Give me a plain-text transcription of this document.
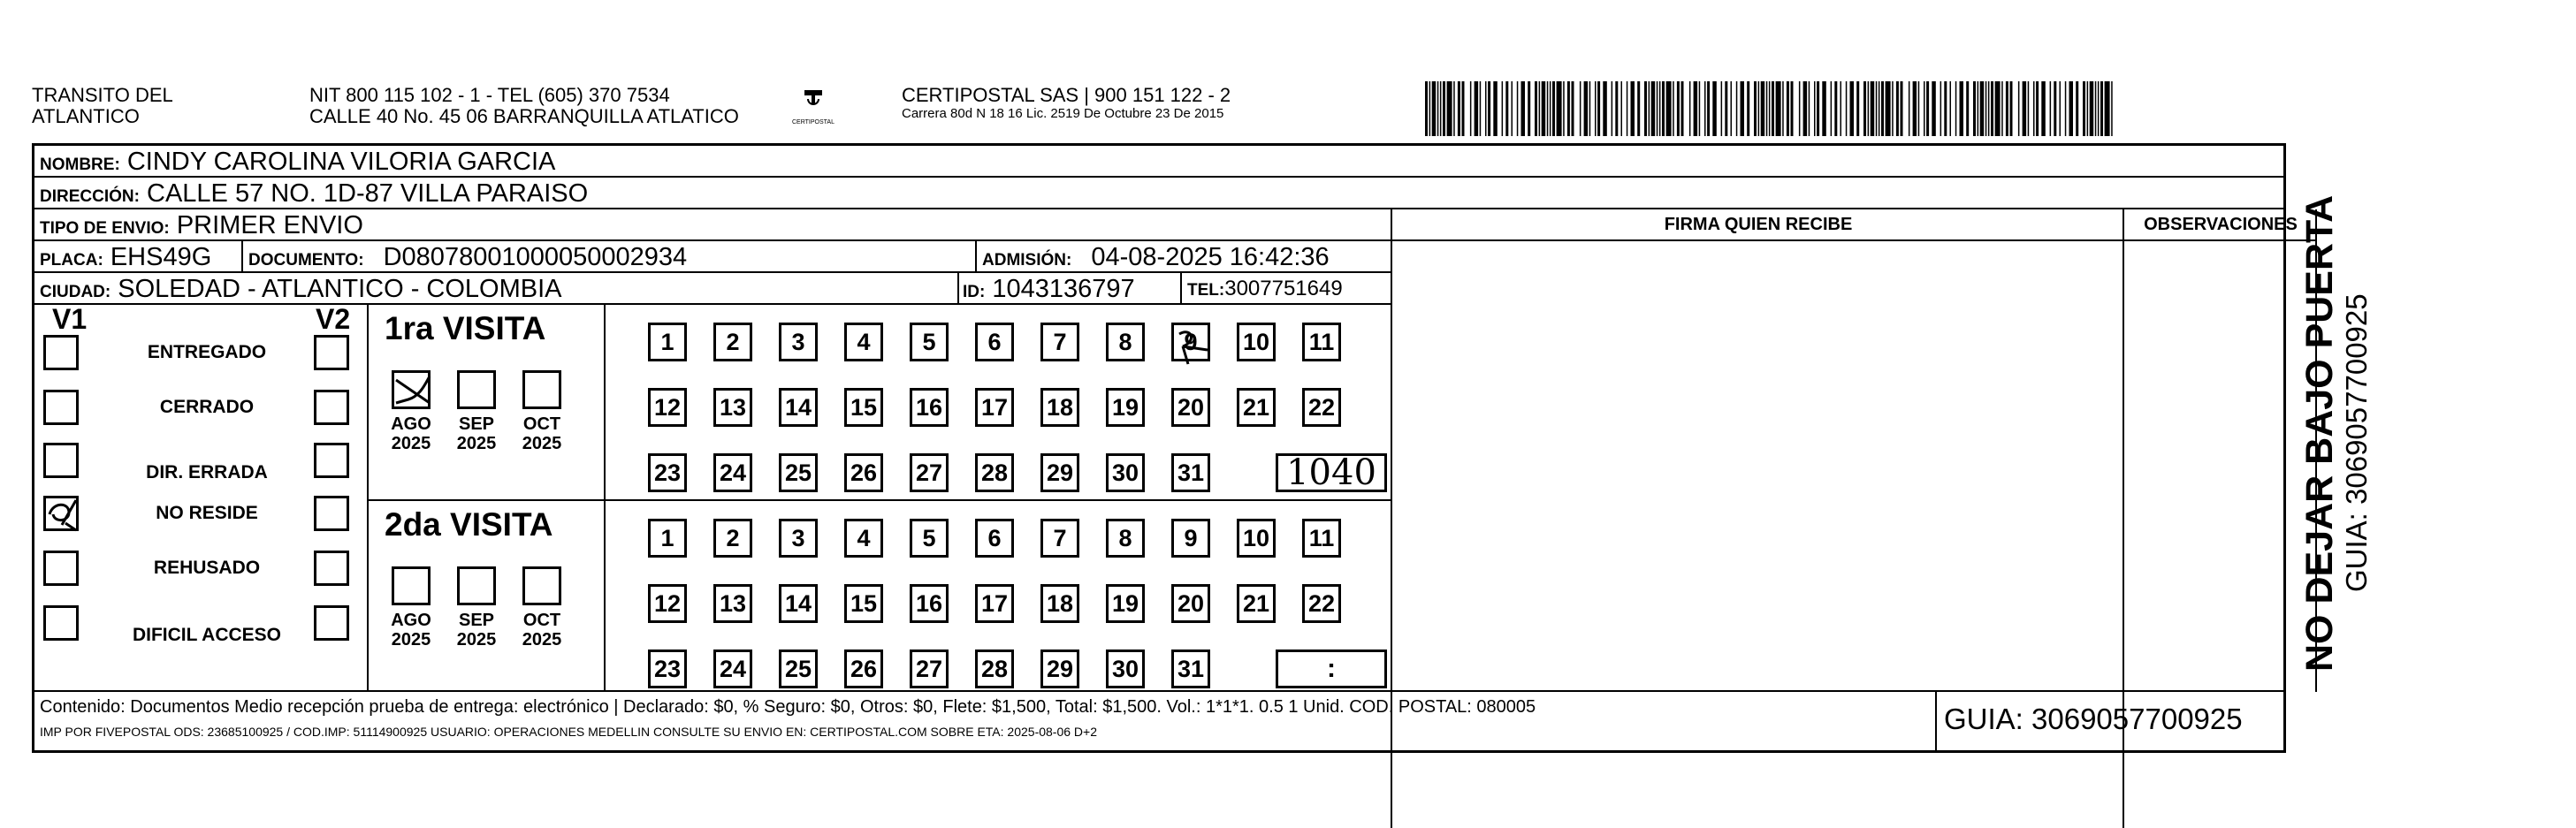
TRANSITO DEL
ATLANTICO
NIT 800 115 102 - 1 - TEL (605) 370 7534
CALLE 40 No. 45 06 BARRANQUILLA ATLATICO	CERTIPOSTAL
CERTIPOSTAL SAS | 900 151 122 - 2
Carrera 80d N 18 16 Lic. 2519 De Octubre 23 De 2015
NOMBRE: CINDY CAROLINA VILORIA GARCIA
DIRECCIÓN: CALLE 57 NO. 1D-87 VILLA PARAISO
TIPO DE ENVIO: PRIMER ENVIO	FIRMA QUIEN RECIBE	OBSERVACIONES
PLACA: EHS49G	DOCUMENTO: D08078001000050002934	ADMISIÓN: 04-08-2025 16:42:36
CIUDAD: SOLEDAD - ATLANTICO - COLOMBIA	ID: 1043136797	TEL:3007751649
V1	V2
ENTREGADO
CERRADO
DIR. ERRADA
NO RESIDE
REHUSADO
DIFICIL ACCESO
1ra VISITA
AGO
2025
SEP
2025
OCT
2025
1	2	3	4	5	6	7	8	9	10 11
12 13 14 15 16 17 18 19 20 21 22
23 24 25 26 27 28 29 30 31	1040
2da VISITA
AGO
2025
SEP
2025
OCT
2025
1	2	3	4	5	6	7	8	9	10 11
12 13 14 15 16 17 18 19 20 21 22
23 24 25 26 27 28 29 30 31	:
Contenido: Documentos Medio recepción prueba de entrega: electrónico | Declarado: $0, % Seguro: $0, Otros: $0, Flete: $1,500, Total: $1,500. Vol.: 1*1*1. 0.5 1 Unid. COD. POSTAL: 080005
IMP POR FIVEPOSTAL ODS: 23685100925 / COD.IMP: 51114900925 USUARIO: OPERACIONES MEDELLIN CONSULTE SU ENVIO EN: CERTIPOSTAL.COM SOBRE ETA: 2025-08-06 D+2	GUIA: 3069057700925
NO DEJAR BAJO PUERTA GUIA: 3069057700925
